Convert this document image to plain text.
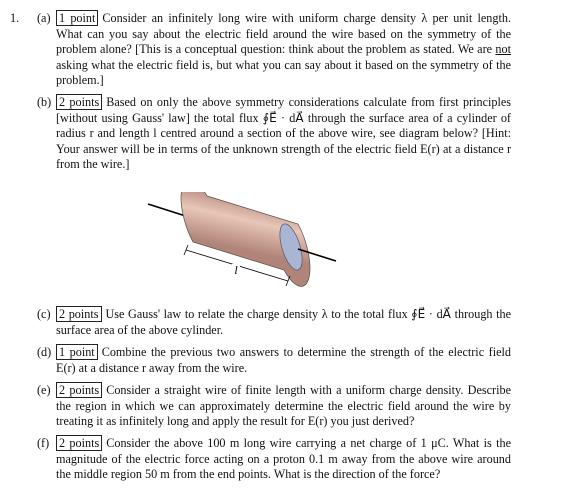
1. (a) 1 point Consider an infinitely long wire with uniform charge density λ per unit length. What can you say about the electric field around the wire based on the symmetry of the problem alone? [This is a conceptual question: think about the problem as stated. We are not asking what the electric field is, but what you can say about it based on the symmetry of the problem.]
(b) 2 points Based on only the above symmetry considerations calculate from first principles [without using Gauss' law] the total flux ∮E⃗ · dA⃗ through the surface area of a cylinder of radius r and length l centred around a section of the above wire, see diagram below? [Hint: Your answer will be in terms of the unknown strength of the electric field E(r) at a distance r from the wire.]
l
(c) 2 points Use Gauss' law to relate the charge density λ to the total flux ∮E⃗ · dA⃗ through the surface area of the above cylinder.
(d) 1 point Combine the previous two answers to determine the strength of the electric field E(r) at a distance r away from the wire.
(e) 2 points Consider a straight wire of finite length with a uniform charge density. Describe the region in which we can approximately determine the electric field around the wire by treating it as infinitely long and apply the result for E(r) you just derived?
(f) 2 points Consider the above 100 m long wire carrying a net charge of 1 μC. What is the magnitude of the electric force acting on a proton 0.1 m away from the above wire around the middle region 50 m from the end points. What is the direction of the force?
